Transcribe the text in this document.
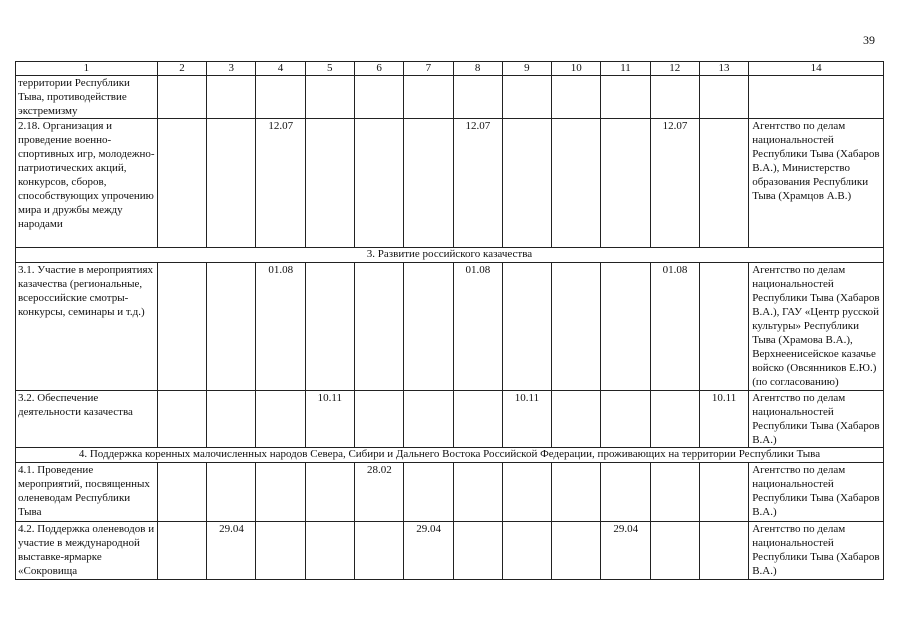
39
1	2	3	4	5	6	7	8	9	10	11	12	13	14
территории Республики Тыва, противодействие экстремизму													
2.18. Организация и проведение военно-спортивных игр, молодежно-патриотических акций, конкурсов, сборов, способствующих упрочению мира и дружбы между народами			12.07				12.07				12.07		Агентство по делам национальностей Республики Тыва (Хабаров В.А.), Министерство образования Республики Тыва (Храмцов А.В.)
3. Развитие российского казачества													
3.1. Участие в мероприятиях казачества (региональные, всероссийские смотры-конкурсы, семинары и т.д.)			01.08				01.08				01.08		Агентство по делам национальностей Республики Тыва (Хабаров В.А.), ГАУ «Центр русской культуры» Республики Тыва (Храмова В.А.), Верхнеенисейское казачье войско (Овсянников Е.Ю.) (по согласованию)
3.2. Обеспечение деятельности казачества				10.11				10.11				10.11	Агентство по делам национальностей Республики Тыва (Хабаров В.А.)
4. Поддержка коренных малочисленных народов Севера, Сибири и Дальнего Востока Российской Федерации, проживающих на территории Республики Тыва													
4.1. Проведение мероприятий, посвященных оленеводам Республики Тыва					28.02								Агентство по делам национальностей Республики Тыва (Хабаров В.А.)
4.2. Поддержка оленеводов и участие в международной выставке-ярмарке «Сокровища		29.04				29.04				29.04			Агентство по делам национальностей Республики Тыва (Хабаров В.А.)
